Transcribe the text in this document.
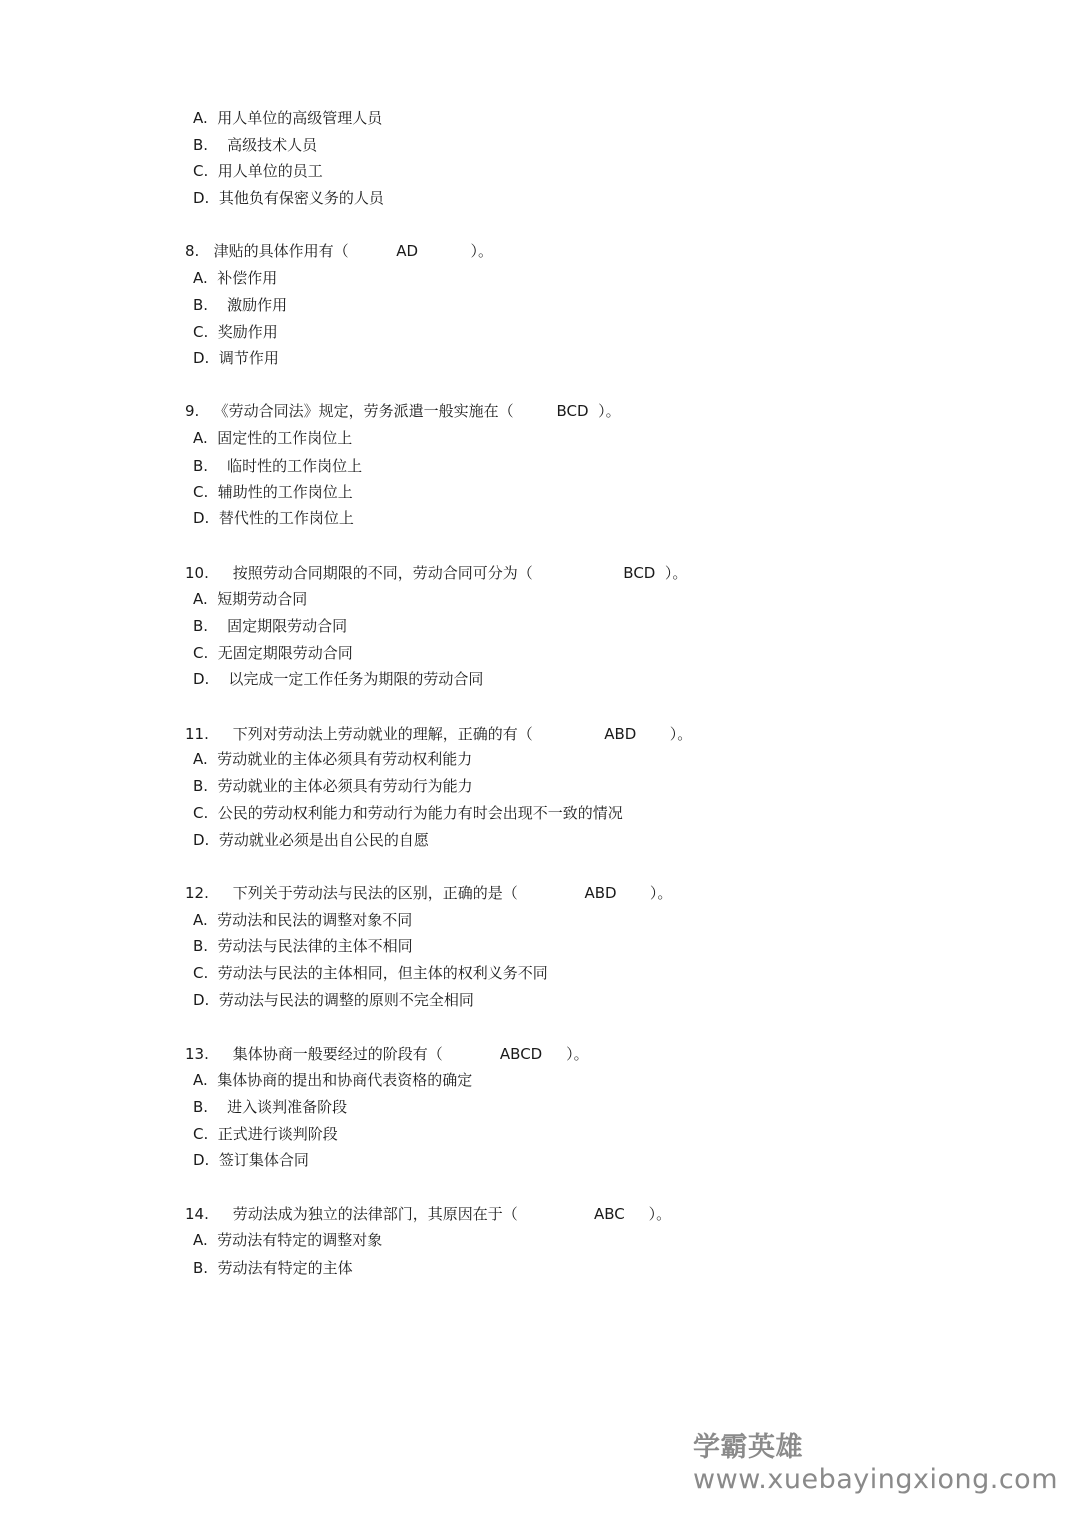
A.  用人单位的高级管理人员
B.    高级技术人员
C.  用人单位的员工
D.  其他负有保密义务的人员
8.   津贴的具体作用有（          AD           ）。
A.  补偿作用
B.    激励作用
C.  奖励作用
D.  调节作用
9.   《劳动合同法》规定，劳务派遣一般实施在（         BCD  ）。
A.  固定性的工作岗位上
B.    临时性的工作岗位上
C.  辅助性的工作岗位上
D.  替代性的工作岗位上
10.     按照劳动合同期限的不同，劳动合同可分为（                   BCD  ）。
A.  短期劳动合同
B.    固定期限劳动合同
C.  无固定期限劳动合同
D.    以完成一定工作任务为期限的劳动合同
11.     下列对劳动法上劳动就业的理解，正确的有（               ABD       ）。
A.  劳动就业的主体必须具有劳动权利能力
B.  劳动就业的主体必须具有劳动行为能力
C.  公民的劳动权利能力和劳动行为能力有时会出现不一致的情况
D.  劳动就业必须是出自公民的自愿
12.     下列关于劳动法与民法的区别，正确的是（              ABD       ）。
A.  劳动法和民法的调整对象不同
B.  劳动法与民法律的主体不相同
C.  劳动法与民法的主体相同，但主体的权利义务不同
D.  劳动法与民法的调整的原则不完全相同
13.     集体协商一般要经过的阶段有（            ABCD     ）。
A.  集体协商的提出和协商代表资格的确定
B.    进入谈判准备阶段
C.  正式进行谈判阶段
D.  签订集体合同
14.     劳动法成为独立的法律部门，其原因在于（                ABC     ）。
A.  劳动法有特定的调整对象
B.  劳动法有特定的主体

学霸英雄
www.xuebayingxiong.com
